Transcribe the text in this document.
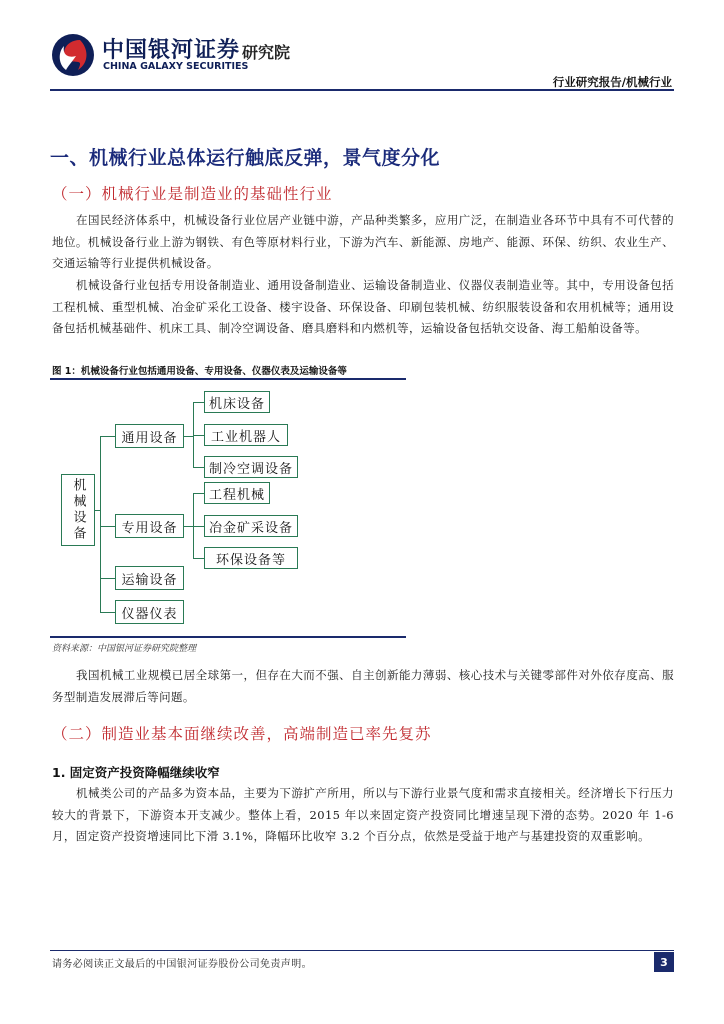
中国银河证券
CHINA GALAXY SECURITIES
研究院
行业研究报告/机械行业
一、机械行业总体运行触底反弹，景气度分化
（一）机械行业是制造业的基础性行业
在国民经济体系中，机械设备行业位居产业链中游，产品种类繁多，应用广泛，在制造业各环节中具有不可代替的地位。机械设备行业上游为钢铁、有色等原材料行业，下游为汽车、新能源、房地产、能源、环保、纺织、农业生产、交通运输等行业提供机械设备。
机械设备行业包括专用设备制造业、通用设备制造业、运输设备制造业、仪器仪表制造业等。其中，专用设备包括工程机械、重型机械、冶金矿采化工设备、楼宇设备、环保设备、印刷包装机械、纺织服装设备和农用机械等；通用设备包括机械基础件、机床工具、制冷空调设备、磨具磨料和内燃机等，运输设备包括轨交设备、海工船舶设备等。
图 1：机械设备行业包括通用设备、专用设备、仪器仪表及运输设备等
机械设备
通用设备
专用设备
运输设备
仪器仪表
机床设备
工业机器人
制冷空调设备
工程机械
冶金矿采设备
环保设备等
资料来源：中国银河证券研究院整理
我国机械工业规模已居全球第一，但存在大而不强、自主创新能力薄弱、核心技术与关键零部件对外依存度高、服务型制造发展滞后等问题。
（二）制造业基本面继续改善，高端制造已率先复苏
1. 固定资产投资降幅继续收窄
机械类公司的产品多为资本品，主要为下游扩产所用，所以与下游行业景气度和需求直接相关。经济增长下行压力较大的背景下，下游资本开支减少。整体上看，2015 年以来固定资产投资同比增速呈现下滑的态势。2020 年 1-6 月，固定资产投资增速同比下滑 3.1%，降幅环比收窄 3.2 个百分点，依然是受益于地产与基建投资的双重影响。
请务必阅读正文最后的中国银河证券股份公司免责声明。	3
